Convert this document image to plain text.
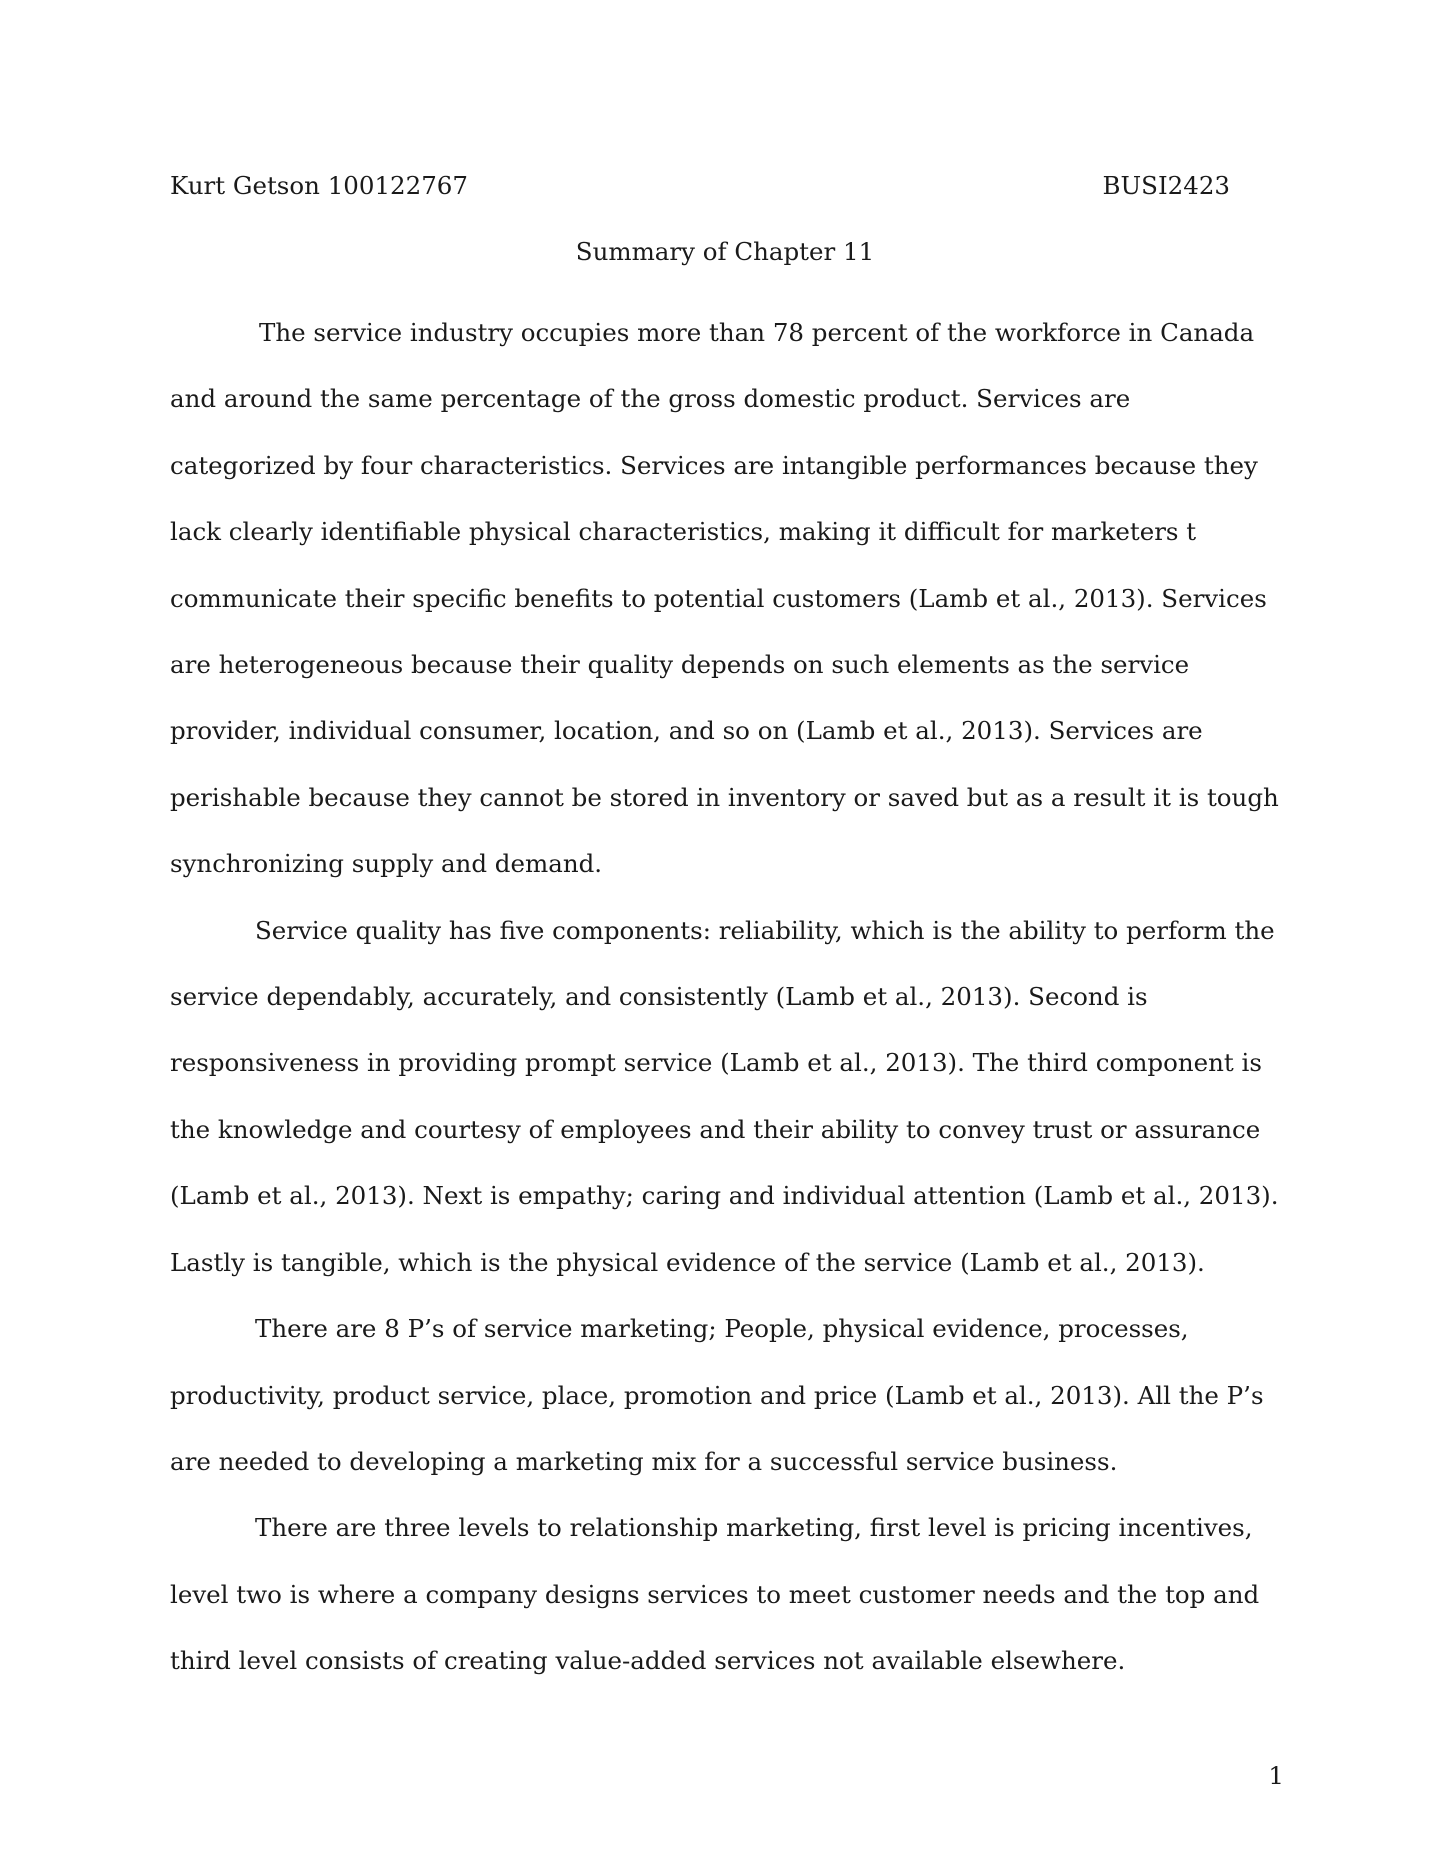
Kurt Getson 100122767	BUSI2423
Summary of Chapter 11

The service industry occupies more than 78 percent of the workforce in Canada and around the same percentage of the gross domestic product. Services are categorized by four characteristics. Services are intangible performances because they lack clearly identifiable physical characteristics, making it difficult for marketers t communicate their specific benefits to potential customers (Lamb et al., 2013). Services are heterogeneous because their quality depends on such elements as the service provider, individual consumer, location, and so on (Lamb et al., 2013). Services are perishable because they cannot be stored in inventory or saved but as a result it is tough synchronizing supply and demand.

Service quality has five components: reliability, which is the ability to perform the service dependably, accurately, and consistently (Lamb et al., 2013). Second is responsiveness in providing prompt service (Lamb et al., 2013). The third component is the knowledge and courtesy of employees and their ability to convey trust or assurance (Lamb et al., 2013). Next is empathy; caring and individual attention (Lamb et al., 2013). Lastly is tangible, which is the physical evidence of the service (Lamb et al., 2013).

There are 8 P’s of service marketing; People, physical evidence, processes, productivity, product service, place, promotion and price (Lamb et al., 2013). All the P’s are needed to developing a marketing mix for a successful service business.

There are three levels to relationship marketing, first level is pricing incentives, level two is where a company designs services to meet customer needs and the top and third level consists of creating value-added services not available elsewhere.

1
